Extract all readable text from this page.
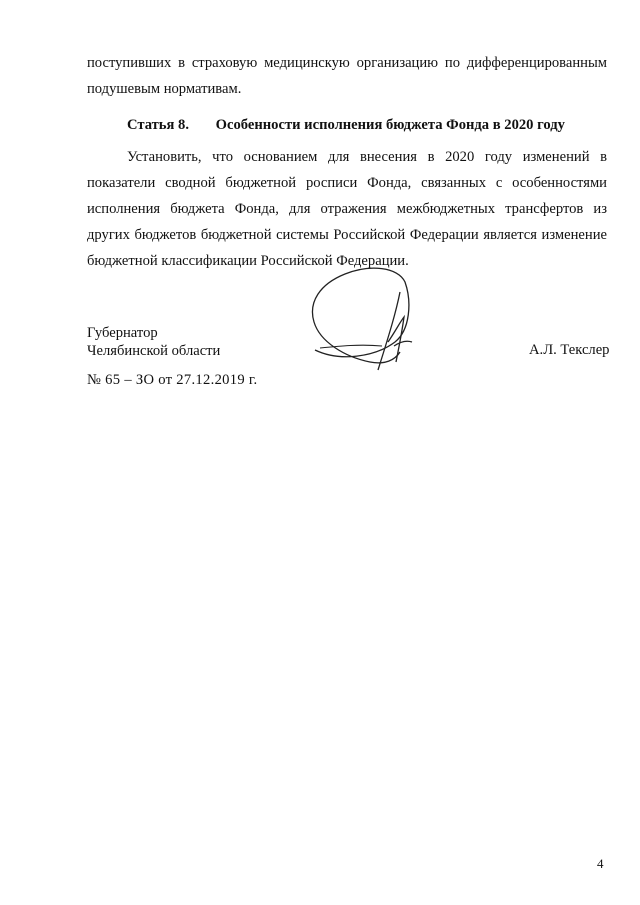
поступивших в страховую медицинскую организацию по дифференцированным подушевым нормативам.
Статья 8. Особенности исполнения бюджета Фонда в 2020 году
Установить, что основанием для внесения в 2020 году изменений в показатели сводной бюджетной росписи Фонда, связанных с особенностями исполнения бюджета Фонда, для отражения межбюджетных трансфертов из других бюджетов бюджетной системы Российской Федерации является изменение бюджетной классификации Российской Федерации.
Губернатор
Челябинской области	А.Л. Текслер
№ 65 – ЗО от 27.12.2019 г.
4
